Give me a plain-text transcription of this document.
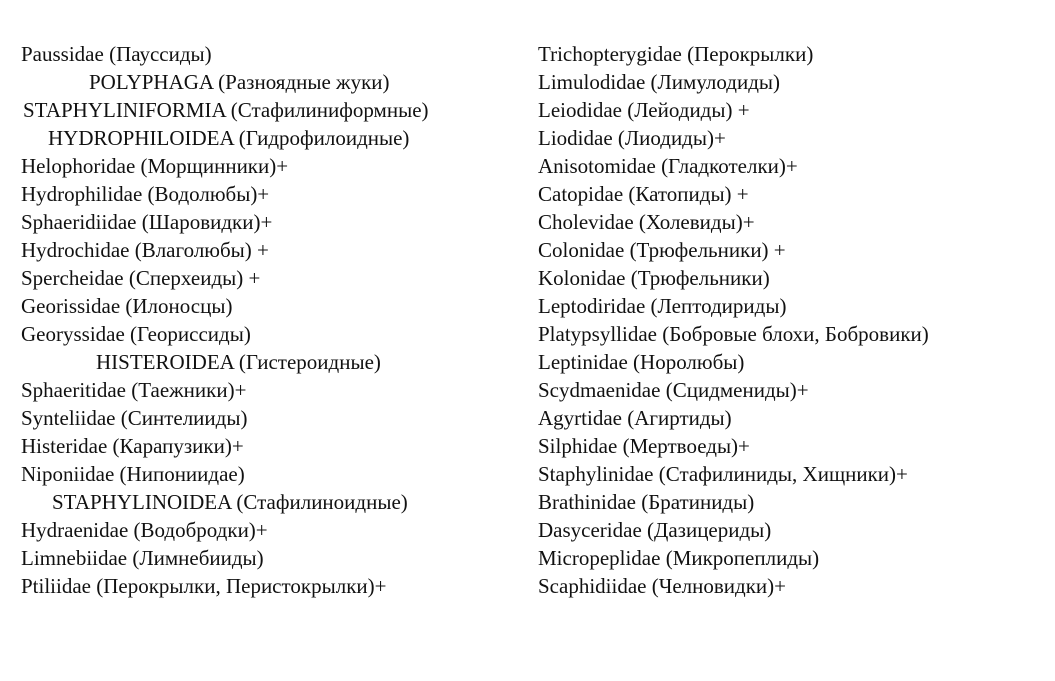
Paussidae (Пауссиды)
POLYPHAGA (Разноядные жуки)
STAPHYLINIFORMIA (Стафилиниформные)
HYDROPHILOIDEA (Гидрофилоидные)
Helophoridae (Морщинники)+
Hydrophilidae (Водолюбы)+
Sphaeridiidae (Шаровидки)+
Hydrochidae (Влаголюбы) +
Spercheidae (Сперхеиды) +
Georissidae (Илоносцы)
Georyssidae (Георисcиды)
HISTEROIDEA (Гистероидные)
Sphaeritidae (Таежники)+
Synteliidae (Синтелииды)
Histeridae (Карапузики)+
Niponiidae (Нипониидае)
STAPHYLINOIDEA (Стафилиноидные)
Hydraenidae (Водобродки)+
Limnebiidae (Лимнебииды)
Ptiliidae (Перокрылки, Перистокрылки)+
Trichopterygidae (Перокрылки)
Limulodidae (Лимулодиды)
Leiodidae (Лейодиды) +
Liodidae (Лиодиды)+
Anisotomidae (Гладкотелки)+
Catopidae (Катопиды) +
Cholevidae (Холевиды)+
Colonidae (Трюфельники) +
Kolonidae (Трюфельники)
Leptodiridae (Лептодириды)
Platypsyllidae (Бобровые блохи, Бобровики)
Leptinidae (Норолюбы)
Scydmaenidae (Сцидмениды)+
Agyrtidae (Агиртиды)
Silphidae (Мертвоеды)+
Staphylinidae (Стафилиниды, Хищники)+
Brathinidae (Братиниды)
Dasyceridae (Дазицериды)
Micropeplidae (Микропеплиды)
Scaphidiidae (Челновидки)+
